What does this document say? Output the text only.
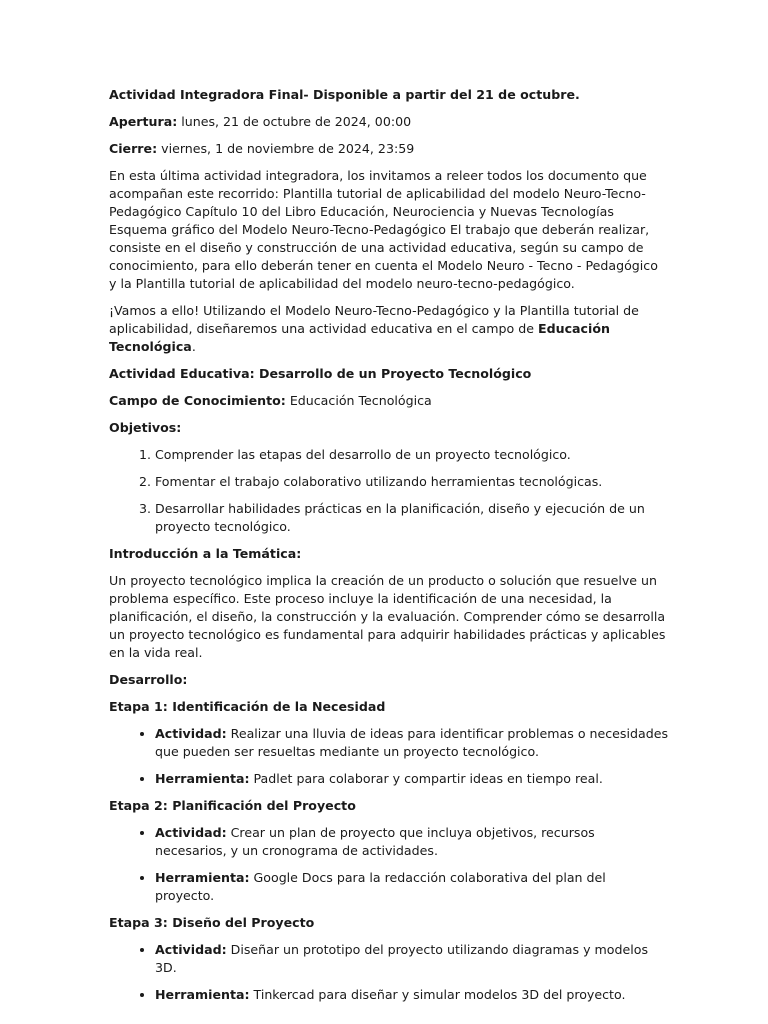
Actividad Integradora Final- Disponible a partir del 21 de octubre.

Apertura: lunes, 21 de octubre de 2024, 00:00

Cierre: viernes, 1 de noviembre de 2024, 23:59

En esta última actividad integradora, los invitamos a releer todos los documento que acompañan este recorrido: Plantilla tutorial de aplicabilidad del modelo Neuro-Tecno-Pedagógico Capítulo 10 del Libro Educación, Neurociencia y Nuevas Tecnologías Esquema gráfico del Modelo Neuro-Tecno-Pedagógico El trabajo que deberán realizar, consiste en el diseño y construcción de una actividad educativa, según su campo de conocimiento, para ello deberán tener en cuenta el Modelo Neuro - Tecno - Pedagógico y la Plantilla tutorial de aplicabilidad del modelo neuro-tecno-pedagógico.

¡Vamos a ello! Utilizando el Modelo Neuro-Tecno-Pedagógico y la Plantilla tutorial de aplicabilidad, diseñaremos una actividad educativa en el campo de Educación Tecnológica.

Actividad Educativa: Desarrollo de un Proyecto Tecnológico

Campo de Conocimiento: Educación Tecnológica

Objetivos:

1. Comprender las etapas del desarrollo de un proyecto tecnológico.
2. Fomentar el trabajo colaborativo utilizando herramientas tecnológicas.
3. Desarrollar habilidades prácticas en la planificación, diseño y ejecución de un proyecto tecnológico.

Introducción a la Temática:

Un proyecto tecnológico implica la creación de un producto o solución que resuelve un problema específico. Este proceso incluye la identificación de una necesidad, la planificación, el diseño, la construcción y la evaluación. Comprender cómo se desarrolla un proyecto tecnológico es fundamental para adquirir habilidades prácticas y aplicables en la vida real.

Desarrollo:

Etapa 1: Identificación de la Necesidad

• Actividad: Realizar una lluvia de ideas para identificar problemas o necesidades que pueden ser resueltas mediante un proyecto tecnológico.
• Herramienta: Padlet para colaborar y compartir ideas en tiempo real.

Etapa 2: Planificación del Proyecto

• Actividad: Crear un plan de proyecto que incluya objetivos, recursos necesarios, y un cronograma de actividades.
• Herramienta: Google Docs para la redacción colaborativa del plan del proyecto.

Etapa 3: Diseño del Proyecto

• Actividad: Diseñar un prototipo del proyecto utilizando diagramas y modelos 3D.
• Herramienta: Tinkercad para diseñar y simular modelos 3D del proyecto.
